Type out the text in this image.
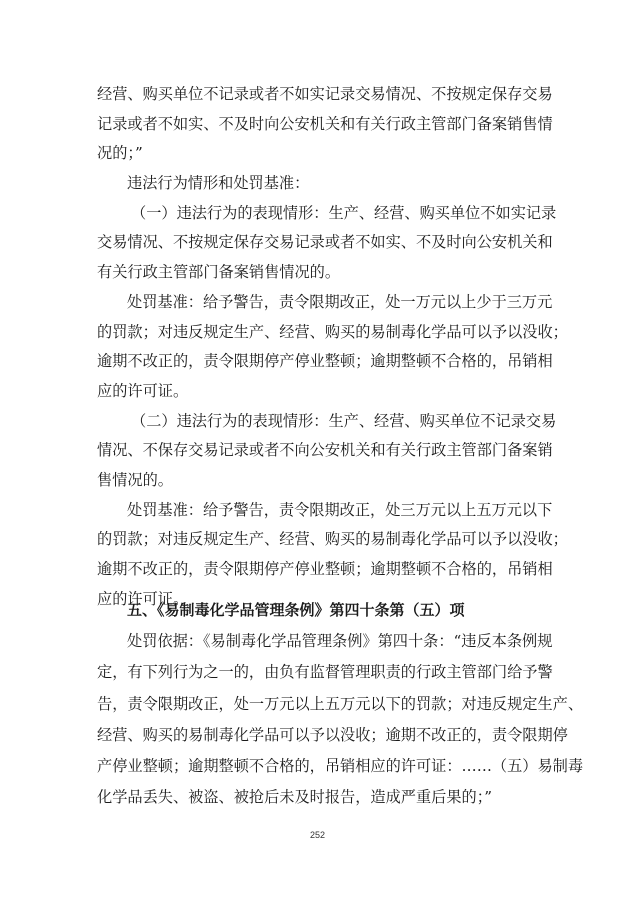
经营、购买单位不记录或者不如实记录交易情况、不按规定保存交易
记录或者不如实、不及时向公安机关和有关行政主管部门备案销售情
况的；”
违法行为情形和处罚基准：
（一）违法行为的表现情形：生产、经营、购买单位不如实记录
交易情况、不按规定保存交易记录或者不如实、不及时向公安机关和
有关行政主管部门备案销售情况的。
处罚基准：给予警告，责令限期改正，处一万元以上少于三万元
的罚款；对违反规定生产、经营、购买的易制毒化学品可以予以没收；
逾期不改正的，责令限期停产停业整顿；逾期整顿不合格的，吊销相
应的许可证。
（二）违法行为的表现情形：生产、经营、购买单位不记录交易
情况、不保存交易记录或者不向公安机关和有关行政主管部门备案销
售情况的。
处罚基准：给予警告，责令限期改正，处三万元以上五万元以下
的罚款；对违反规定生产、经营、购买的易制毒化学品可以予以没收；
逾期不改正的，责令限期停产停业整顿；逾期整顿不合格的，吊销相
应的许可证。
五、《易制毒化学品管理条例》第四十条第（五）项
处罚依据：《易制毒化学品管理条例》第四十条：“违反本条例规
定，有下列行为之一的，由负有监督管理职责的行政主管部门给予警
告，责令限期改正，处一万元以上五万元以下的罚款；对违反规定生产、
经营、购买的易制毒化学品可以予以没收；逾期不改正的，责令限期停
产停业整顿；逾期整顿不合格的，吊销相应的许可证：……（五）易制毒
化学品丢失、被盗、被抢后未及时报告，造成严重后果的；”
252
